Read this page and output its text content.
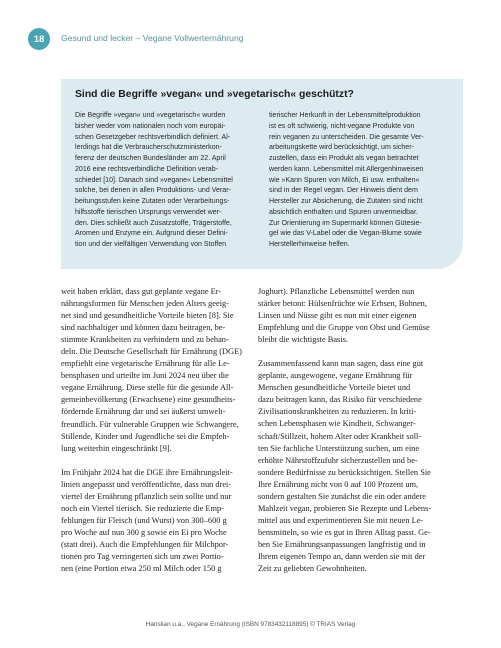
18	Gesund und lecker – Vegane Vollwerternährung
Sind die Begriffe »vegan« und »vegetarisch« geschützt?
Die Begriffe »vegan« und »vegetarisch« wurden
bisher weder vom nationalen noch vom europäi-
schen Gesetzgeber rechtsverbindlich definiert. Al-
lerdings hat die Verbraucherschutzministerkon-
ferenz der deutschen Bundesländer am 22. April
2016 eine rechtsverbindliche Definition verab-
schiedet [10]. Danach sind »vegane« Lebensmittel
solche, bei denen in allen Produktions- und Verar-
beitungsstufen keine Zutaten oder Verarbeitungs-
hilfsstoffe tierischen Ursprungs verwendet wer-
den. Dies schließt auch Zusatzstoffe, Trägerstoffe,
Aromen und Enzyme ein. Aufgrund dieser Defini-
tion und der vielfältigen Verwendung von Stoffen
tierischer Herkunft in der Lebensmittelproduktion
ist es oft schwierig, nicht-vegane Produkte von
rein veganen zu unterscheiden. Die gesamte Ver-
arbeitungskette wird berücksichtigt, um sicher-
zustellen, dass ein Produkt als vegan betrachtet
werden kann. Lebensmittel mit Allergenhinweisen
wie »Kann Spuren von Milch, Ei usw. enthalten«
sind in der Regel vegan. Der Hinweis dient dem
Hersteller zur Absicherung, die Zutaten sind nicht
absichtlich enthalten und Spuren unvermeidbar.
Zur Orientierung im Supermarkt können Gütesie-
gel wie das V-Label oder die Vegan-Blume sowie
Herstellerhinweise helfen.
weit haben erklärt, dass gut geplante vegane Er-
nährungsformen für Menschen jeden Alters geeig-
net sind und gesundheitliche Vorteile bieten [8]. Sie
sind nachhaltiger und können dazu beitragen, be-
stimmte Krankheiten zu verhindern und zu behan-
deln. Die Deutsche Gesellschaft für Ernährung (DGE)
empfiehlt eine vegetarische Ernährung für alle Le-
bensphasen und urteilte im Juni 2024 neu über die
vegane Ernährung. Diese stelle für die gesunde All-
gemeinbevölkerung (Erwachsene) eine gesundheits-
fördernde Ernährung dar und sei äußerst umwelt-
freundlich. Für vulnerable Gruppen wie Schwangere,
Stillende, Kinder und Jugendliche sei die Empfeh-
lung weiterhin eingeschränkt [9].
Im Frühjahr 2024 hat die DGE ihre Ernährungsleit-
linien angepasst und veröffentlichte, dass nun drei-
viertel der Ernährung pflanzlich sein sollte und nur
noch ein Viertel tierisch. Sie reduzierte die Emp-
fehlungen für Fleisch (und Wurst) von 300–600 g
pro Woche auf nun 300 g sowie ein Ei pro Woche
(statt drei). Auch die Empfehlungen für Milchpor-
tionen pro Tag verringerten sich um zwei Portio-
nen (eine Portion etwa 250 ml Milch oder 150 g
Joghurt). Pflanzliche Lebensmittel werden nun
stärker betont: Hülsenfrüchte wie Erbsen, Bohnen,
Linsen und Nüsse gibt es nun mit einer eigenen
Empfehlung und die Gruppe von Obst und Gemüse
bleibt die wichtigste Basis.
Zusammenfassend kann man sagen, dass eine gut
geplante, ausgewogene, vegane Ernährung für
Menschen gesundheitliche Vorteile bietet und
dazu beitragen kann, das Risiko für verschiedene
Zivilisationskrankheiten zu reduzieren. In kriti-
schen Lebensphasen wie Kindheit, Schwanger-
schaft/Stillzeit, hohem Alter oder Krankheit soll-
ten Sie fachliche Unterstützung suchen, um eine
erhöhte Nährstoffzufuhr sicherzustellen und be-
sondere Bedürfnisse zu berücksichtigen. Stellen Sie
Ihre Ernährung nicht von 0 auf 100 Prozent um,
sondern gestalten Sie zunächst die ein oder andere
Mahlzeit vegan, probieren Sie Rezepte und Lebens-
mittel aus und experimentieren Sie mit neuen Le-
bensmitteln, so wie es gut in Ihren Alltag passt. Ge-
ben Sie Ernährungsanpassungen langfristig und in
Ihrem eigenen Tempo an, dann werden sie mit der
Zeit zu geliebten Gewohnheiten.
Hanslian u.a., Vegane Ernährung (ISBN 9783432118895) © TRIAS Verlag
